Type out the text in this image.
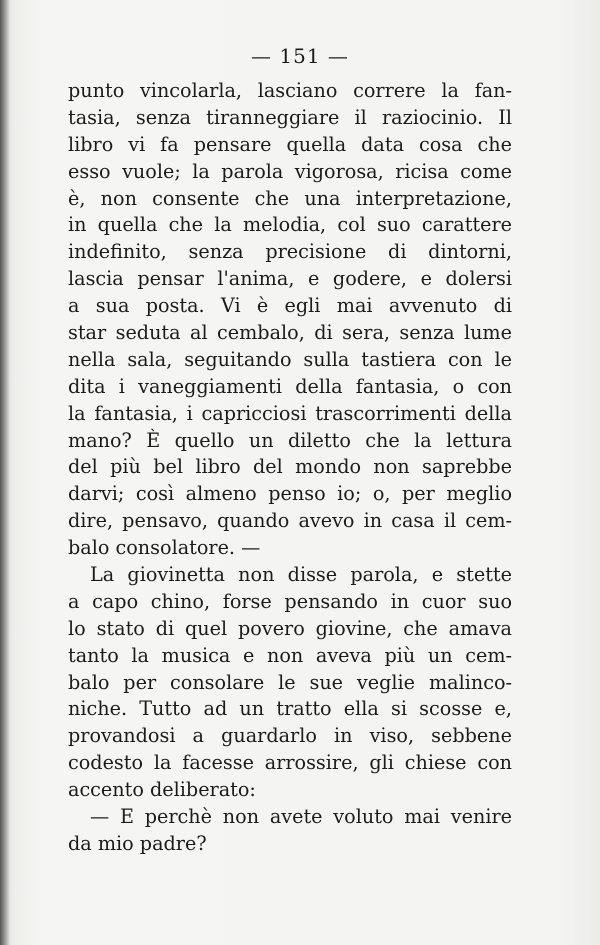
— 151 —
punto vincolarla, lasciano correre la fan-
tasia, senza tiranneggiare il raziocinio. Il
libro vi fa pensare quella data cosa che
esso vuole; la parola vigorosa, ricisa come
è, non consente che una interpretazione,
in quella che la melodia, col suo carattere
indefinito, senza precisione di dintorni,
lascia pensar l'anima, e godere, e dolersi
a sua posta. Vi è egli mai avvenuto di
star seduta al cembalo, di sera, senza lume
nella sala, seguitando sulla tastiera con le
dita i vaneggiamenti della fantasia, o con
la fantasia, i capricciosi trascorrimenti della
mano? È quello un diletto che la lettura
del più bel libro del mondo non saprebbe
darvi; così almeno penso io; o, per meglio
dire, pensavo, quando avevo in casa il cem-
balo consolatore. —
La giovinetta non disse parola, e stette
a capo chino, forse pensando in cuor suo
lo stato di quel povero giovine, che amava
tanto la musica e non aveva più un cem-
balo per consolare le sue veglie malinco-
niche. Tutto ad un tratto ella si scosse e,
provandosi a guardarlo in viso, sebbene
codesto la facesse arrossire, gli chiese con
accento deliberato:
— E perchè non avete voluto mai venire
da mio padre?
